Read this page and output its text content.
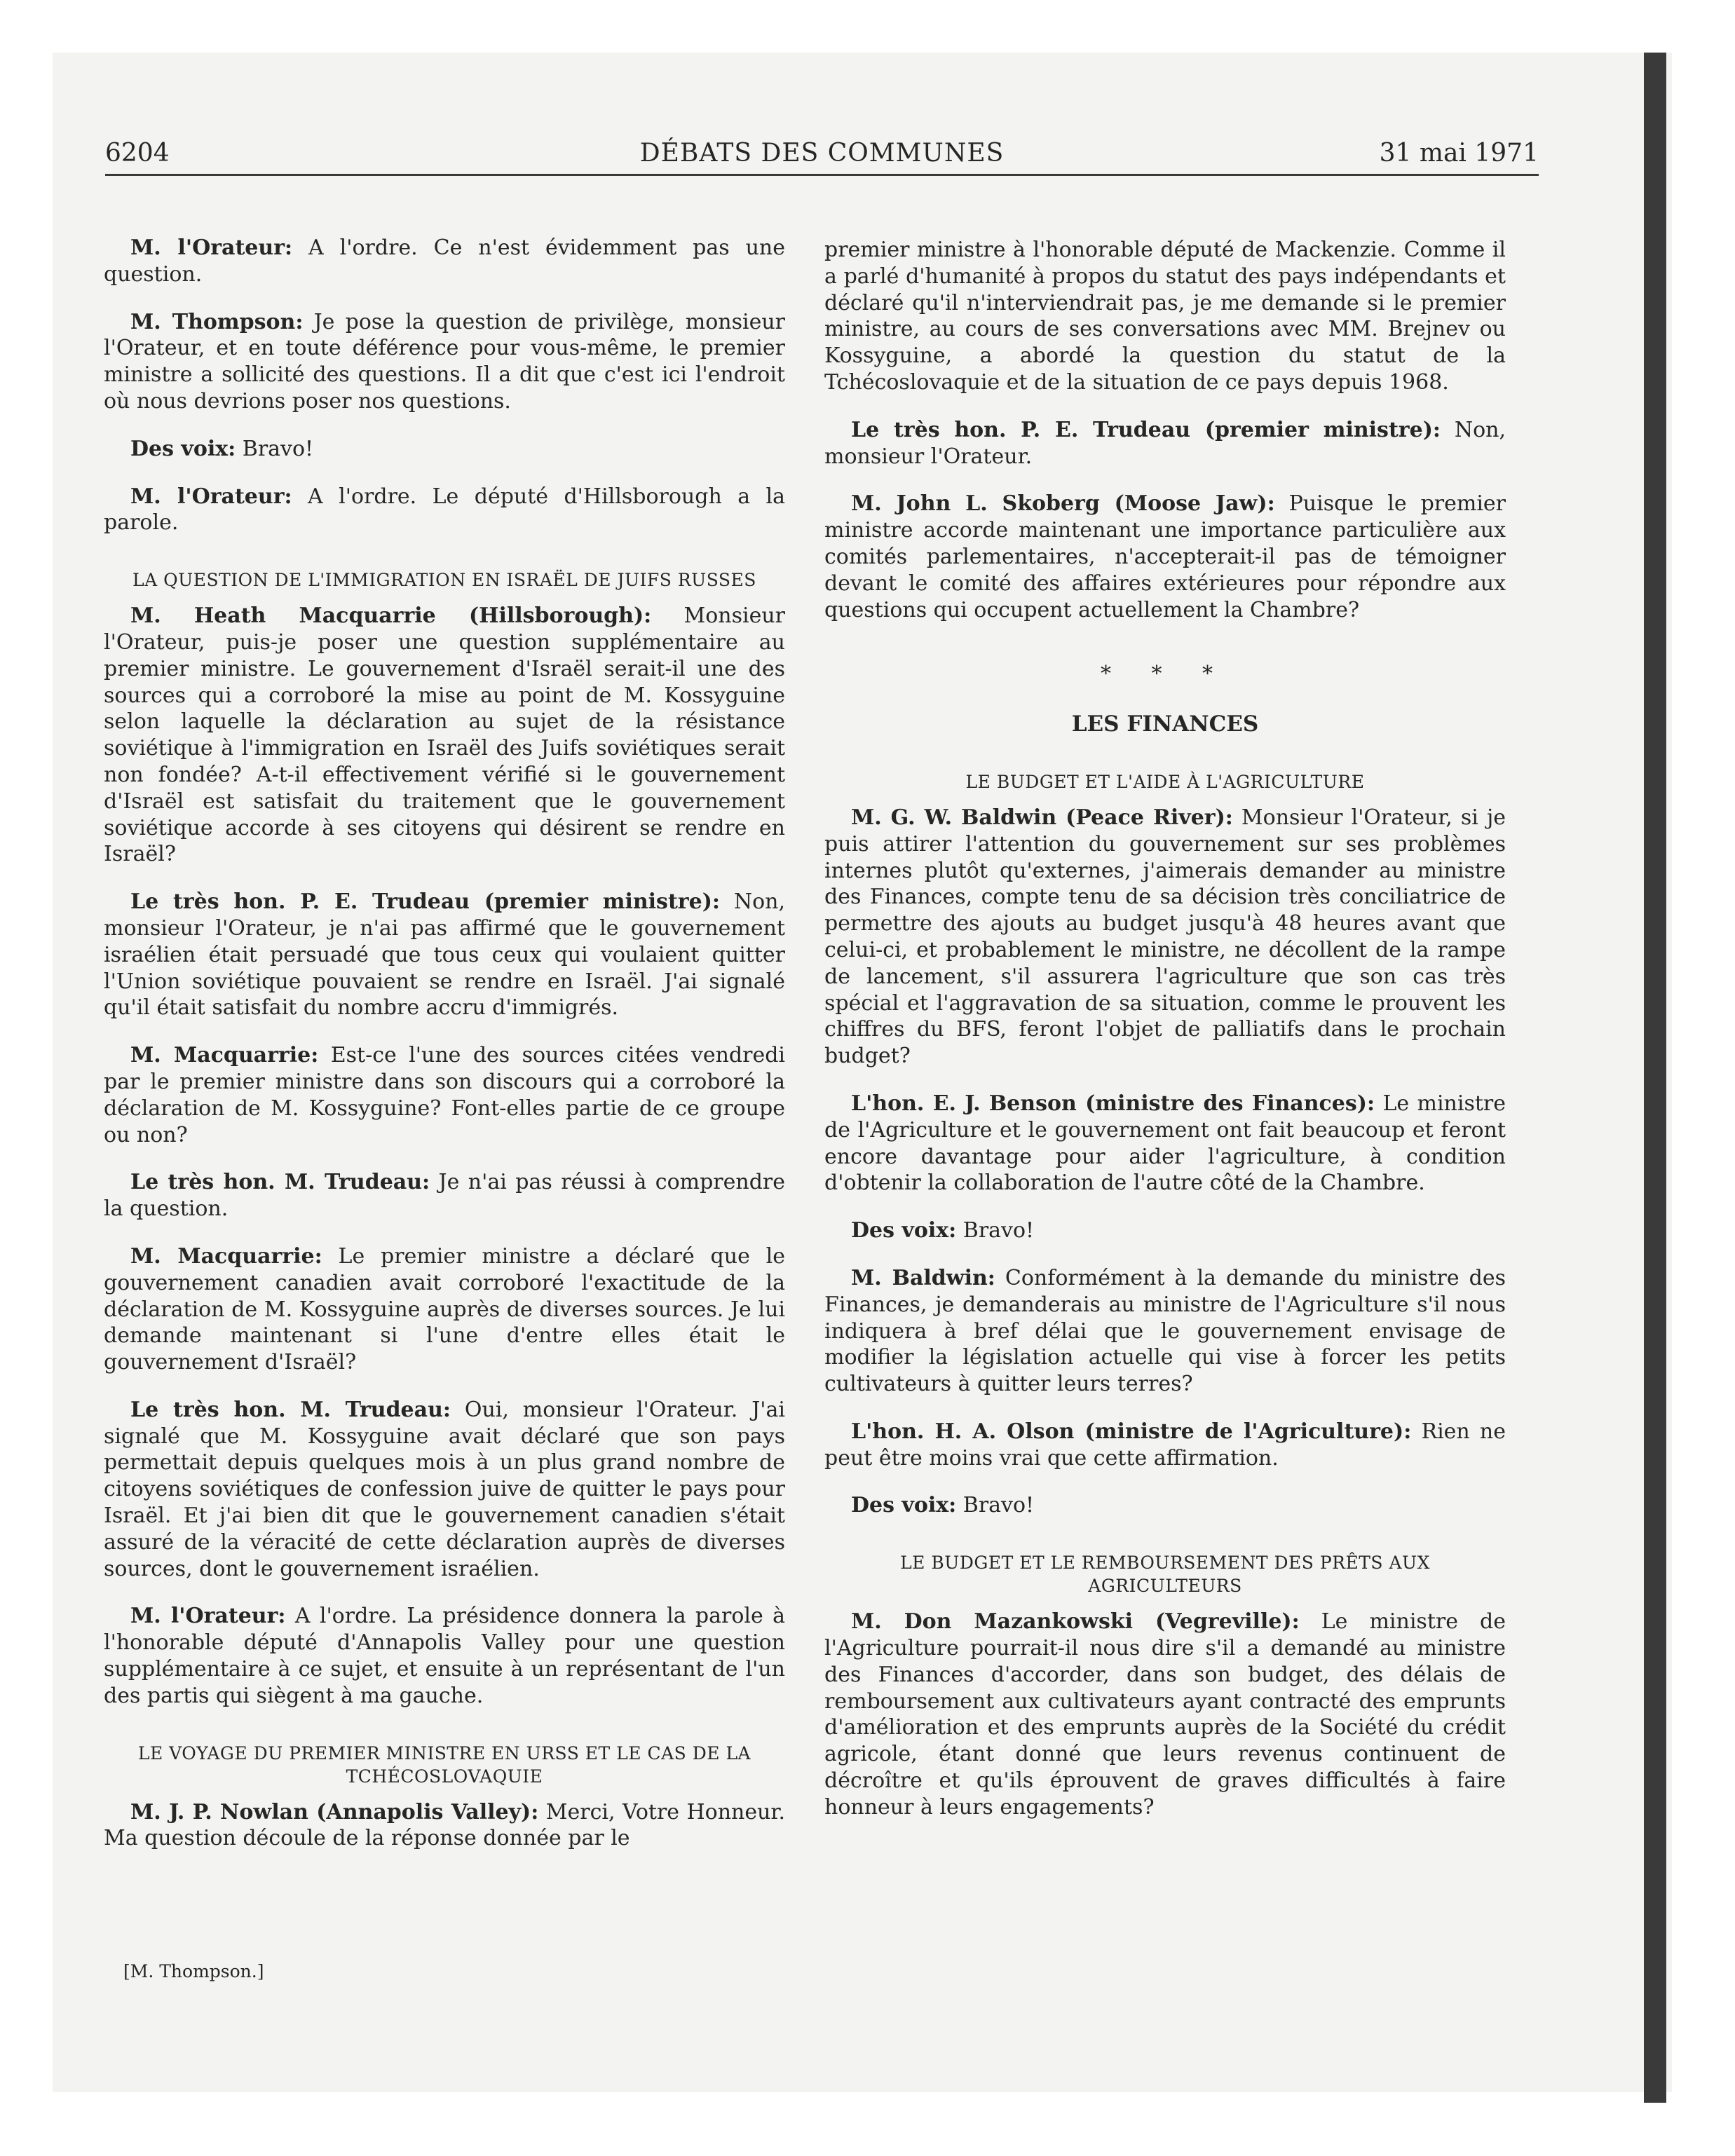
6204	DÉBATS DES COMMUNES	31 mai 1971

M. l'Orateur: A l'ordre. Ce n'est évidemment pas une question.

M. Thompson: Je pose la question de privilège, monsieur l'Orateur, et en toute déférence pour vous-même, le premier ministre a sollicité des questions. Il a dit que c'est ici l'endroit où nous devrions poser nos questions.

Des voix: Bravo!

M. l'Orateur: A l'ordre. Le député d'Hillsborough a la parole.

LA QUESTION DE L'IMMIGRATION EN ISRAËL DE JUIFS RUSSES

M. Heath Macquarrie (Hillsborough): Monsieur l'Orateur, puis-je poser une question supplémentaire au premier ministre. Le gouvernement d'Israël serait-il une des sources qui a corroboré la mise au point de M. Kossyguine selon laquelle la déclaration au sujet de la résistance soviétique à l'immigration en Israël des Juifs soviétiques serait non fondée? A-t-il effectivement vérifié si le gouvernement d'Israël est satisfait du traitement que le gouvernement soviétique accorde à ses citoyens qui désirent se rendre en Israël?

Le très hon. P. E. Trudeau (premier ministre): Non, monsieur l'Orateur, je n'ai pas affirmé que le gouvernement israélien était persuadé que tous ceux qui voulaient quitter l'Union soviétique pouvaient se rendre en Israël. J'ai signalé qu'il était satisfait du nombre accru d'immigrés.

M. Macquarrie: Est-ce l'une des sources citées vendredi par le premier ministre dans son discours qui a corroboré la déclaration de M. Kossyguine? Font-elles partie de ce groupe ou non?

Le très hon. M. Trudeau: Je n'ai pas réussi à comprendre la question.

M. Macquarrie: Le premier ministre a déclaré que le gouvernement canadien avait corroboré l'exactitude de la déclaration de M. Kossyguine auprès de diverses sources. Je lui demande maintenant si l'une d'entre elles était le gouvernement d'Israël?

Le très hon. M. Trudeau: Oui, monsieur l'Orateur. J'ai signalé que M. Kossyguine avait déclaré que son pays permettait depuis quelques mois à un plus grand nombre de citoyens soviétiques de confession juive de quitter le pays pour Israël. Et j'ai bien dit que le gouvernement canadien s'était assuré de la véracité de cette déclaration auprès de diverses sources, dont le gouvernement israélien.

M. l'Orateur: A l'ordre. La présidence donnera la parole à l'honorable député d'Annapolis Valley pour une question supplémentaire à ce sujet, et ensuite à un représentant de l'un des partis qui siègent à ma gauche.

LE VOYAGE DU PREMIER MINISTRE EN URSS ET LE CAS DE LA TCHÉCOSLOVAQUIE

M. J. P. Nowlan (Annapolis Valley): Merci, Votre Honneur. Ma question découle de la réponse donnée par le

premier ministre à l'honorable député de Mackenzie. Comme il a parlé d'humanité à propos du statut des pays indépendants et déclaré qu'il n'interviendrait pas, je me demande si le premier ministre, au cours de ses conversations avec MM. Brejnev ou Kossyguine, a abordé la question du statut de la Tchécoslovaquie et de la situation de ce pays depuis 1968.

Le très hon. P. E. Trudeau (premier ministre): Non, monsieur l'Orateur.

M. John L. Skoberg (Moose Jaw): Puisque le premier ministre accorde maintenant une importance particulière aux comités parlementaires, n'accepterait-il pas de témoigner devant le comité des affaires extérieures pour répondre aux questions qui occupent actuellement la Chambre?

* * *
LES FINANCES
LE BUDGET ET L'AIDE À L'AGRICULTURE

M. G. W. Baldwin (Peace River): Monsieur l'Orateur, si je puis attirer l'attention du gouvernement sur ses problèmes internes plutôt qu'externes, j'aimerais demander au ministre des Finances, compte tenu de sa décision très conciliatrice de permettre des ajouts au budget jusqu'à 48 heures avant que celui-ci, et probablement le ministre, ne décollent de la rampe de lancement, s'il assurera l'agriculture que son cas très spécial et l'aggravation de sa situation, comme le prouvent les chiffres du BFS, feront l'objet de palliatifs dans le prochain budget?

L'hon. E. J. Benson (ministre des Finances): Le ministre de l'Agriculture et le gouvernement ont fait beaucoup et feront encore davantage pour aider l'agriculture, à condition d'obtenir la collaboration de l'autre côté de la Chambre.

Des voix: Bravo!

M. Baldwin: Conformément à la demande du ministre des Finances, je demanderais au ministre de l'Agriculture s'il nous indiquera à bref délai que le gouvernement envisage de modifier la législation actuelle qui vise à forcer les petits cultivateurs à quitter leurs terres?

L'hon. H. A. Olson (ministre de l'Agriculture): Rien ne peut être moins vrai que cette affirmation.

Des voix: Bravo!

LE BUDGET ET LE REMBOURSEMENT DES PRÊTS AUX AGRICULTEURS

M. Don Mazankowski (Vegreville): Le ministre de l'Agriculture pourrait-il nous dire s'il a demandé au ministre des Finances d'accorder, dans son budget, des délais de remboursement aux cultivateurs ayant contracté des emprunts d'amélioration et des emprunts auprès de la Société du crédit agricole, étant donné que leurs revenus continuent de décroître et qu'ils éprouvent de graves difficultés à faire honneur à leurs engagements?

[M. Thompson.]
